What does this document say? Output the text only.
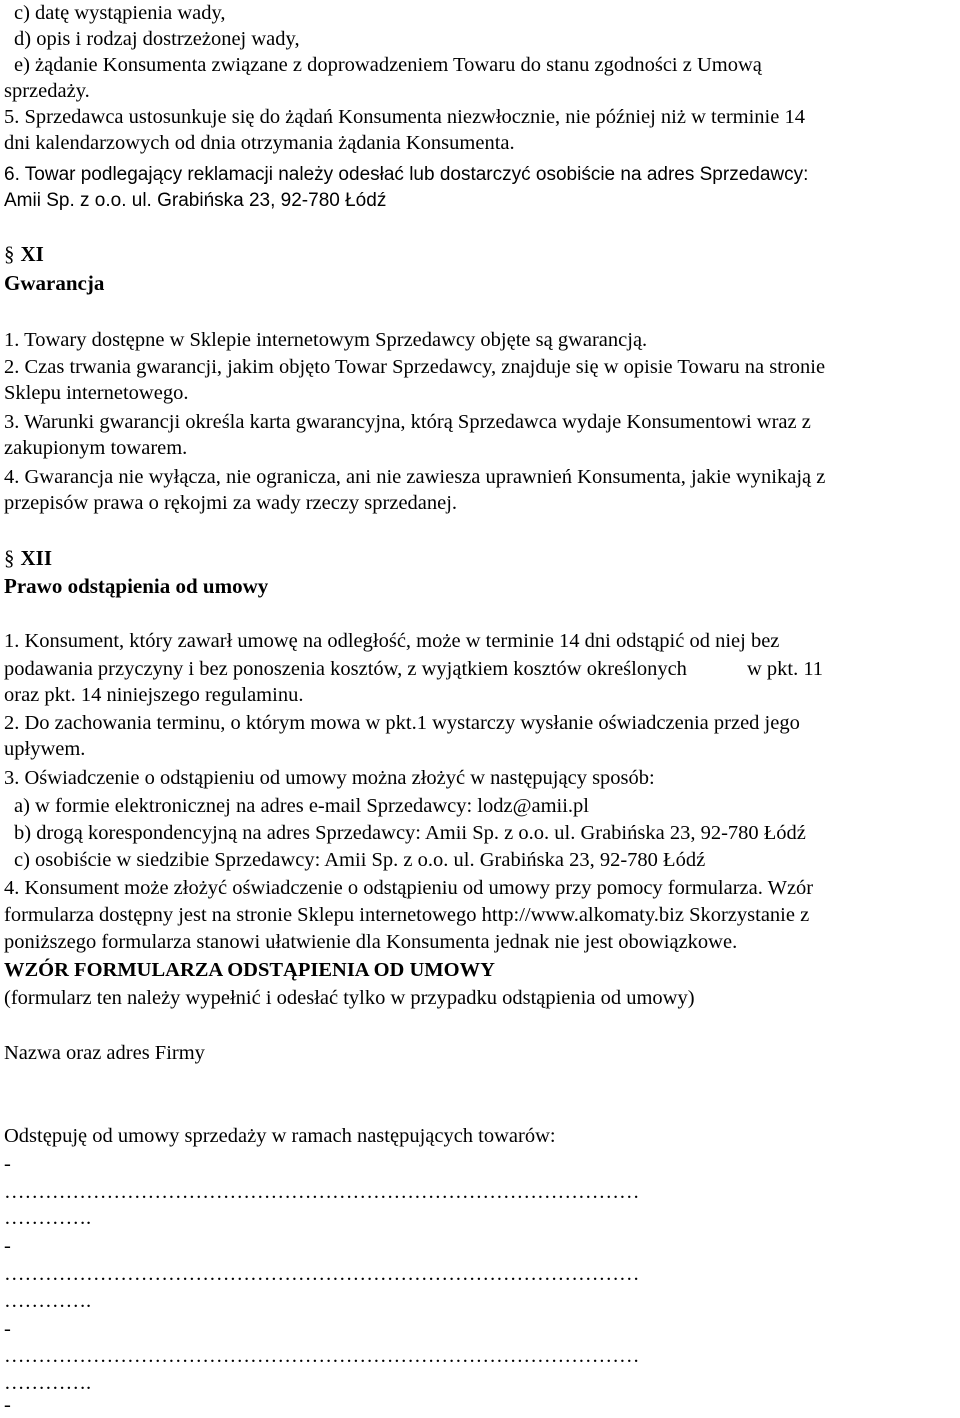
c) datę wystąpienia wady,
d) opis i rodzaj dostrzeżonej wady,
e) żądanie Konsumenta związane z doprowadzeniem Towaru do stanu zgodności z Umową
sprzedaży.
5. Sprzedawca ustosunkuje się do żądań Konsumenta niezwłocznie, nie później niż w terminie 14
dni kalendarzowych od dnia otrzymania żądania Konsumenta.
6. Towar podlegający reklamacji należy odesłać lub dostarczyć osobiście na adres Sprzedawcy:
Amii Sp. z o.o. ul. Grabińska 23, 92-780 Łódź
§ XI
Gwarancja
1. Towary dostępne w Sklepie internetowym Sprzedawcy objęte są gwarancją.
2. Czas trwania gwarancji, jakim objęto Towar Sprzedawcy, znajduje się w opisie Towaru na stronie
Sklepu internetowego.
3. Warunki gwarancji określa karta gwarancyjna, którą Sprzedawca wydaje Konsumentowi wraz z
zakupionym towarem.
4. Gwarancja nie wyłącza, nie ogranicza, ani nie zawiesza uprawnień Konsumenta, jakie wynikają z
przepisów prawa o rękojmi za wady rzeczy sprzedanej.
§ XII
Prawo odstąpienia od umowy
1. Konsument, który zawarł umowę na odległość, może w terminie 14 dni odstąpić od niej bez
podawania przyczyny i bez ponoszenia kosztów, z wyjątkiem kosztów określonych	w pkt. 11
oraz pkt. 14 niniejszego regulaminu.
2. Do zachowania terminu, o którym mowa w pkt.1 wystarczy wysłanie oświadczenia przed jego
upływem.
3. Oświadczenie o odstąpieniu od umowy można złożyć w następujący sposób:
a) w formie elektronicznej na adres e-mail Sprzedawcy: lodz@amii.pl
b) drogą korespondencyjną na adres Sprzedawcy: Amii Sp. z o.o. ul. Grabińska 23, 92-780 Łódź
c) osobiście w siedzibie Sprzedawcy: Amii Sp. z o.o. ul. Grabińska 23, 92-780 Łódź
4. Konsument może złożyć oświadczenie o odstąpieniu od umowy przy pomocy formularza. Wzór
formularza dostępny jest na stronie Sklepu internetowego http://www.alkomaty.biz Skorzystanie z
poniższego formularza stanowi ułatwienie dla Konsumenta jednak nie jest obowiązkowe.
WZÓR FORMULARZA ODSTĄPIENIA OD UMOWY
(formularz ten należy wypełnić i odesłać tylko w przypadku odstąpienia od umowy)
Nazwa oraz adres Firmy
Odstępuję od umowy sprzedaży w ramach następujących towarów:
-
…………………………………………………………………………………
………….
-
…………………………………………………………………………………
………….
-
…………………………………………………………………………………
………….
-
